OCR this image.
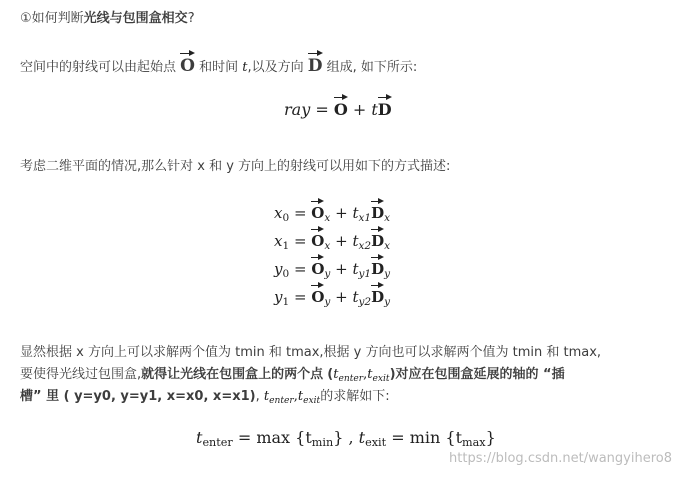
①如何判断光线与包围盒相交?
空间中的射线可以由起始点 O 和时间 t,以及方向 D 组成, 如下所示:
ray = O + tD
考虑二维平面的情况,那么针对 x 和 y 方向上的射线可以用如下的方式描述:
$x_0 = O_x + t_{x1}D_x$
$x_1 = O_x + t_{x2}D_x$
$y_0 = O_y + t_{y1}D_y$
$y_1 = O_y + t_{y2}D_y$
显然根据 x 方向上可以求解两个值为 tmin 和 tmax,根据 y 方向也可以求解两个值为 tmin 和 tmax,
要使得光线过包围盒,就得让光线在包围盒上的两个点 $(t_{enter},t_{exit})$对应在包围盒延展的轴的 “插
槽” 里 ( y=y0, y=y1, x=x0, x=x1), $t_{enter},t_{exit}$的求解如下:
$t_{enter} = \max \{t_{min}\}$ , $t_{exit} = \min \{t_{max}\}$
https://blog.csdn.net/wangyihero8
